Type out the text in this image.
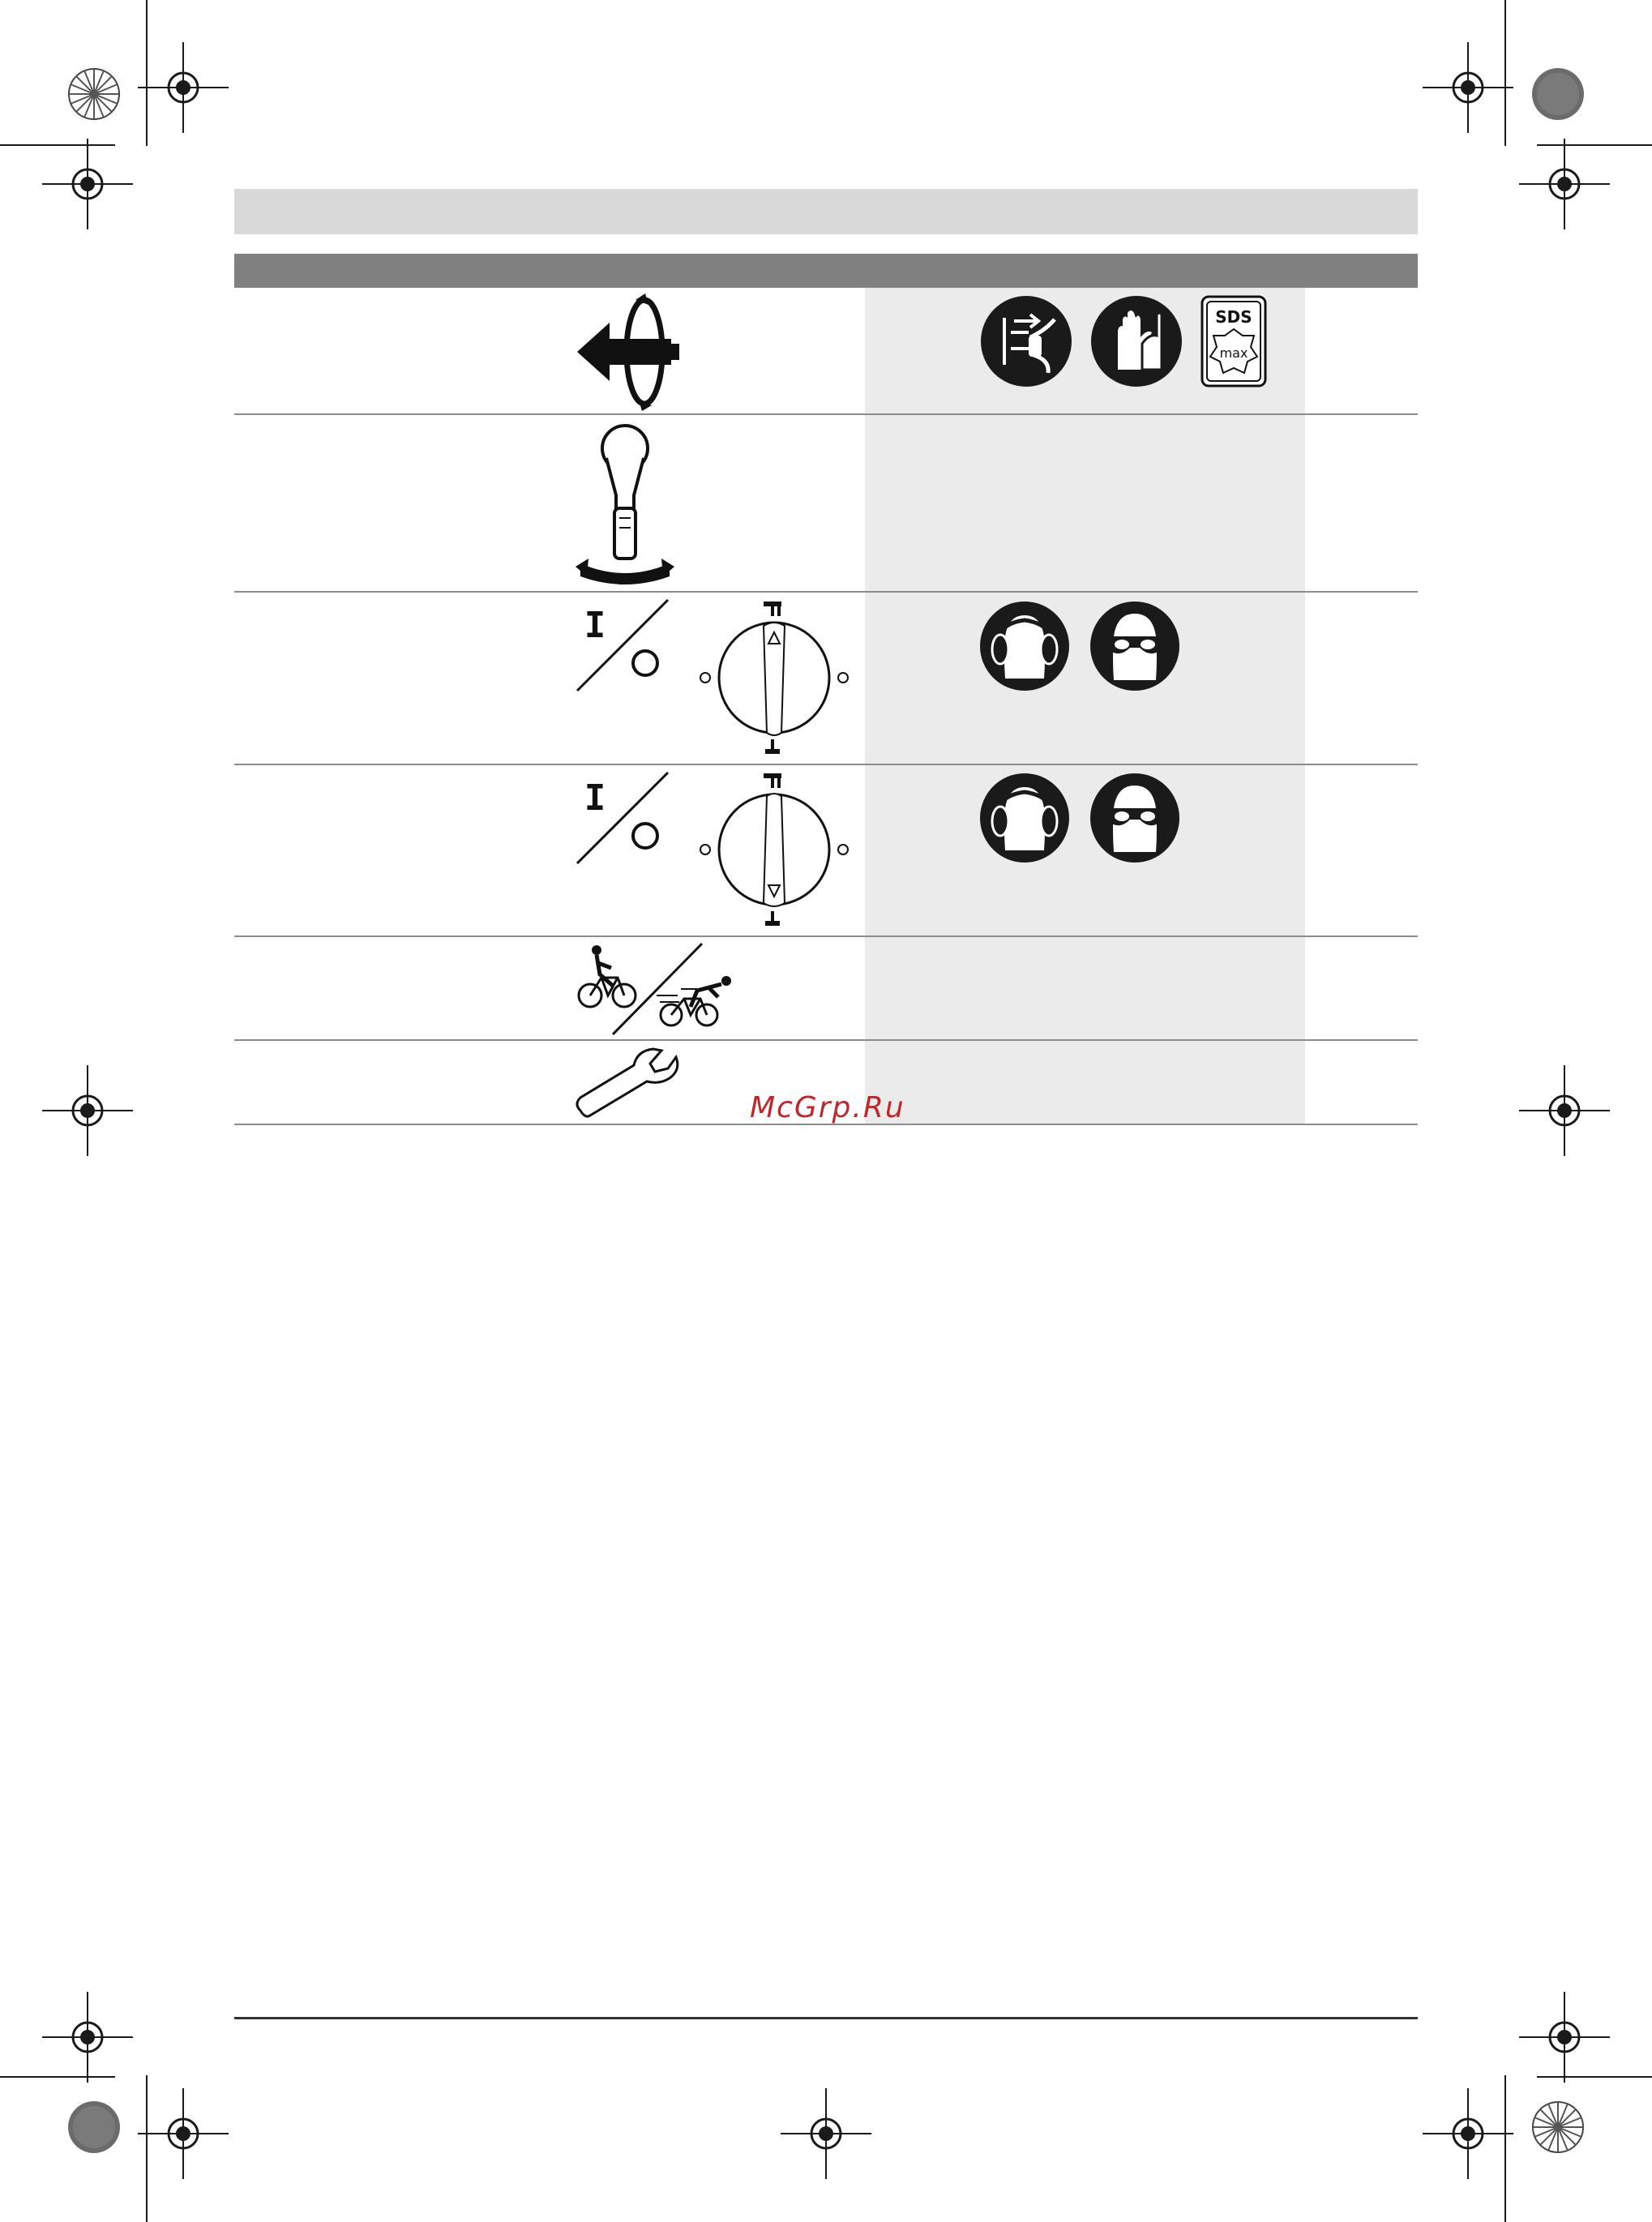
SDS
max
I
I
McGrp.Ru
